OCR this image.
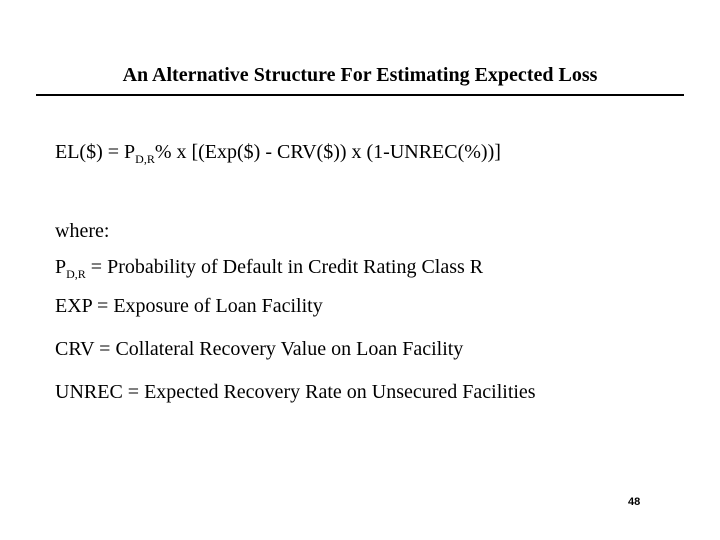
An Alternative Structure For Estimating Expected Loss
EL($) = $P_{D,R}\%$ x [(Exp($) - CRV($)) x (1-UNREC(%))]
where:
$P_{D,R}$ = Probability of Default in Credit Rating Class R
EXP = Exposure of Loan Facility
CRV = Collateral Recovery Value on Loan Facility
UNREC = Expected Recovery Rate on Unsecured Facilities
48
